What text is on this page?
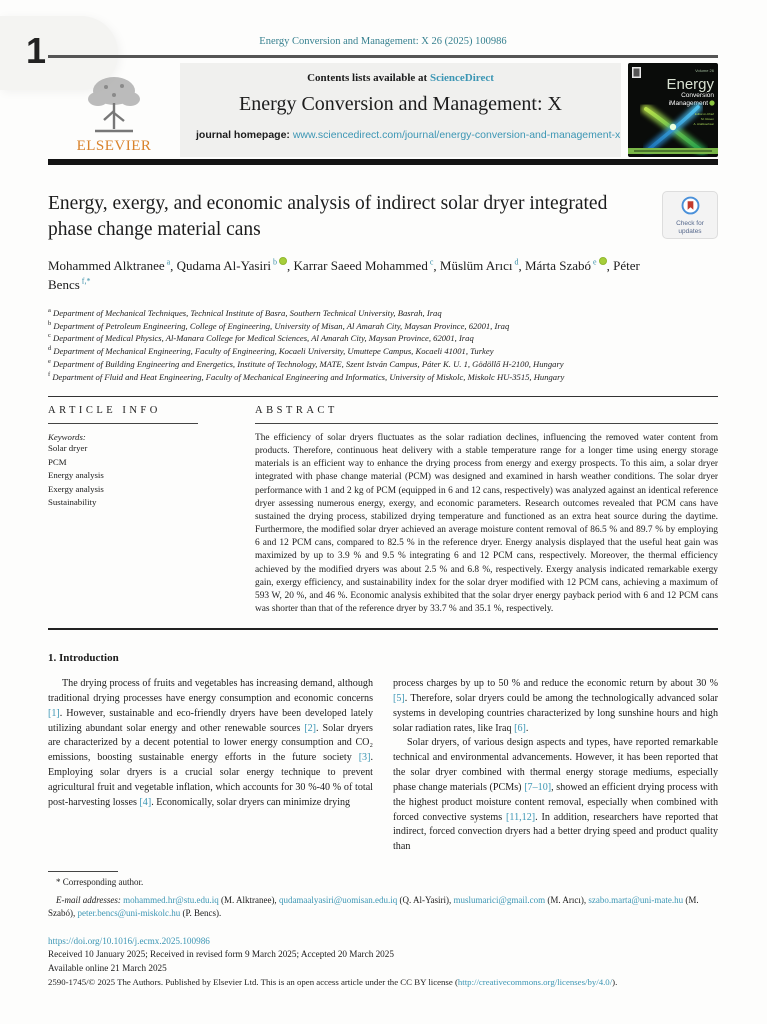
1	Energy Conversion and Management: X 26 (2025) 100986
ELSEVIER
Contents lists available at ScienceDirect
Energy Conversion and Management: X
journal homepage: www.sciencedirect.com/journal/energy-conversion-and-management-x
Volume 26
Energy
Conversion
iManagement
Editor-in-Chief
M. Rosen
A. Arabkoohsar
Energy, exergy, and economic analysis of indirect solar dryer integrated phase change material cans	Check for
updates
Mohammed Alktranee $^a$, Qudama Al-Yasiri $^b$ , Karrar Saeed Mohammed $^c$, Müslüm Arıcı $^d$, Márta Szabó $^e$ , Péter Bencs $^{f,*}$
$^a$ Department of Mechanical Techniques, Technical Institute of Basra, Southern Technical University, Basrah, Iraq
$^b$ Department of Petroleum Engineering, College of Engineering, University of Misan, Al Amarah City, Maysan Province, 62001, Iraq
$^c$ Department of Medical Physics, Al-Manara College for Medical Sciences, Al Amarah City, Maysan Province, 62001, Iraq
$^d$ Department of Mechanical Engineering, Faculty of Engineering, Kocaeli University, Umuttepe Campus, Kocaeli 41001, Turkey
$^e$ Department of Building Engineering and Energetics, Institute of Technology, MATE, Szent István Campus, Páter K. U. 1, Gödöllő H-2100, Hungary
$^f$ Department of Fluid and Heat Engineering, Faculty of Mechanical Engineering and Informatics, University of Miskolc, Miskolc HU-3515, Hungary
ARTICLE INFO
Keywords:
Solar dryer
PCM
Energy analysis
Exergy analysis
Sustainability
ABSTRACT

The efficiency of solar dryers fluctuates as the solar radiation declines, influencing the removed water content from products. Therefore, continuous heat delivery with a stable temperature range for a longer time using energy storage materials is an efficient way to enhance the drying process from energy and exergy prospects. To this aim, a solar dryer integrated with phase change material (PCM) was designed and examined in harsh weather conditions. The solar dryer performance with 1 and 2 kg of PCM (equipped in 6 and 12 cans, respectively) was analyzed against an identical reference dryer assessing numerous energy, exergy, and economic parameters. Research outcomes revealed that PCM cans have sustained the drying process, stabilized drying temperature and functioned as an extra heat source during the daytime. Furthermore, the modified solar dryer achieved an average moisture content removal of 86.5 % and 89.7 % by employing 6 and 12 PCM cans, compared to 82.5 % in the reference dryer. Energy analysis displayed that the useful heat gain was maximized by up to 3.9 % and 9.5 % integrating 6 and 12 PCM cans, respectively. Moreover, the thermal efficiency achieved by the modified dryers was about 2.5 % and 6.8 %, respectively. Exergy analysis indicated remarkable exergy gain, exergy efficiency, and sustainability index for the solar dryer modified with 12 PCM cans, achieving a maximum of 593 W, 20 %, and 46 %. Economic analysis exhibited that the solar dryer energy payback period with 6 and 12 PCM cans was shorter than that of the reference dryer by 33.7 % and 35.1 %, respectively.

1. Introduction

The drying process of fruits and vegetables has increasing demand, although traditional drying processes have energy consumption and economic concerns [1]. However, sustainable and eco-friendly dryers have been developed lately utilizing abundant solar energy and other renewable sources [2]. Solar dryers are characterized by a decent potential to lower energy consumption and CO₂ emissions, boosting sustainable energy efforts in the future society [3]. Employing solar dryers is a crucial solar energy technique to prevent agricultural fruit and vegetable inflation, which accounts for 30 %-40 % of total post-harvesting losses [4]. Economically, solar dryers can minimize drying

process charges by up to 50 % and reduce the economic return by about 30 % [5]. Therefore, solar dryers could be among the technologically advanced solar systems in developing countries characterized by long sunshine hours and high solar radiation rates, like Iraq [6].

Solar dryers, of various design aspects and types, have reported remarkable technical and environmental advancements. However, it has been reported that the solar dryer combined with thermal energy storage mediums, especially phase change materials (PCMs) [7–10], showed an efficient drying process with the highest product moisture content removal, especially when combined with forced convective systems [11,12]. In addition, researchers have reported that indirect, forced convection dryers had a better drying speed and product quality than

* Corresponding author.
E-mail addresses: mohammed.hr@stu.edu.iq (M. Alktranee), qudamaalyasiri@uomisan.edu.iq (Q. Al-Yasiri), muslumarici@gmail.com (M. Arıcı), szabo.marta@uni-mate.hu (M. Szabó), peter.bencs@uni-miskolc.hu (P. Bencs).
https://doi.org/10.1016/j.ecmx.2025.100986
Received 10 January 2025; Received in revised form 9 March 2025; Accepted 20 March 2025
Available online 21 March 2025
2590-1745/© 2025 The Authors. Published by Elsevier Ltd. This is an open access article under the CC BY license (http://creativecommons.org/licenses/by/4.0/).
